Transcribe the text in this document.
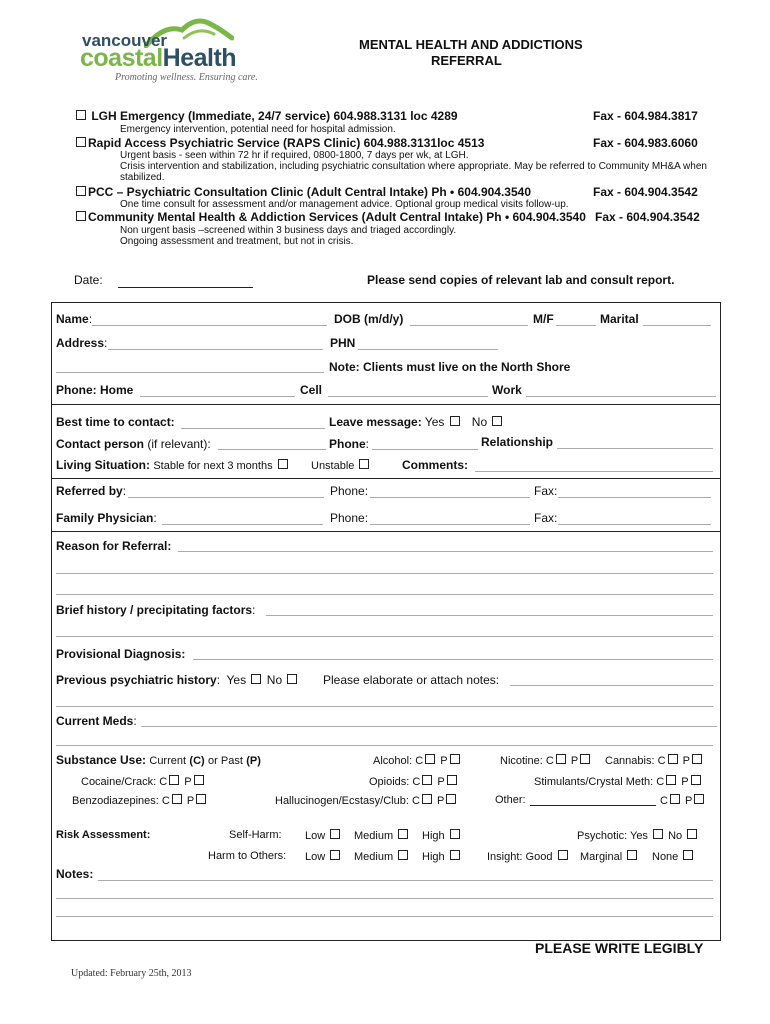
vancouver
coastalHealth
Promoting wellness. Ensuring care.
MENTAL HEALTH AND ADDICTIONS
REFERRAL
LGH Emergency (Immediate, 24/7 service) 604.988.3131 loc 4289	Fax - 604.984.3817
Emergency intervention, potential need for hospital admission.
Rapid Access Psychiatric Service (RAPS Clinic) 604.988.3131loc 4513	Fax - 604.983.6060
Urgent basis - seen within 72 hr if required, 0800-1800, 7 days per wk, at LGH.
Crisis intervention and stabilization, including psychiatric consultation where appropriate. May be referred to Community MH&A when
stabilized.
PCC – Psychiatric Consultation Clinic (Adult Central Intake) Ph • 604.904.3540	Fax - 604.904.3542
One time consult for assessment and/or management advice. Optional group medical visits follow-up.
Community Mental Health & Addiction Services (Adult Central Intake) Ph • 604.904.3540 Fax - 604.904.3542
Non urgent basis –screened within 3 business days and triaged accordingly.
Ongoing assessment and treatment, but not in crisis.
Date:	Please send copies of relevant lab and consult report.
Name:	DOB (m/d/y)	M/F	Marital
Address:	PHN
Note: Clients must live on the North Shore
Phone: Home	Cell	Work
Best time to contact:	Leave message: Yes No
Contact person (if relevant):	Phone:	Relationship
Living Situation: Stable for next 3 months	Unstable	Comments:
Referred by:	Phone:	Fax:
Family Physician:	Phone:	Fax:
Reason for Referral:
Brief history / precipitating factors:
Provisional Diagnosis:
Previous psychiatric history:  Yes No	Please elaborate or attach notes:
Current Meds:
Substance Use: Current (C) or Past (P)	Alcohol: C P	Nicotine: C P	Cannabis: C P
Cocaine/Crack: C P	Opioids: C P	Stimulants/Crystal Meth: C P
Benzodiazepines: C P	Hallucinogen/Ecstasy/Club: C P	Other:	C P
Risk Assessment:	Self-Harm: Low	Medium	High	Psychotic: Yes No
Harm to Others: Low	Medium	High	Insight: Good	Marginal	None
Notes:
PLEASE WRITE LEGIBLY
Updated: February 25th, 2013
